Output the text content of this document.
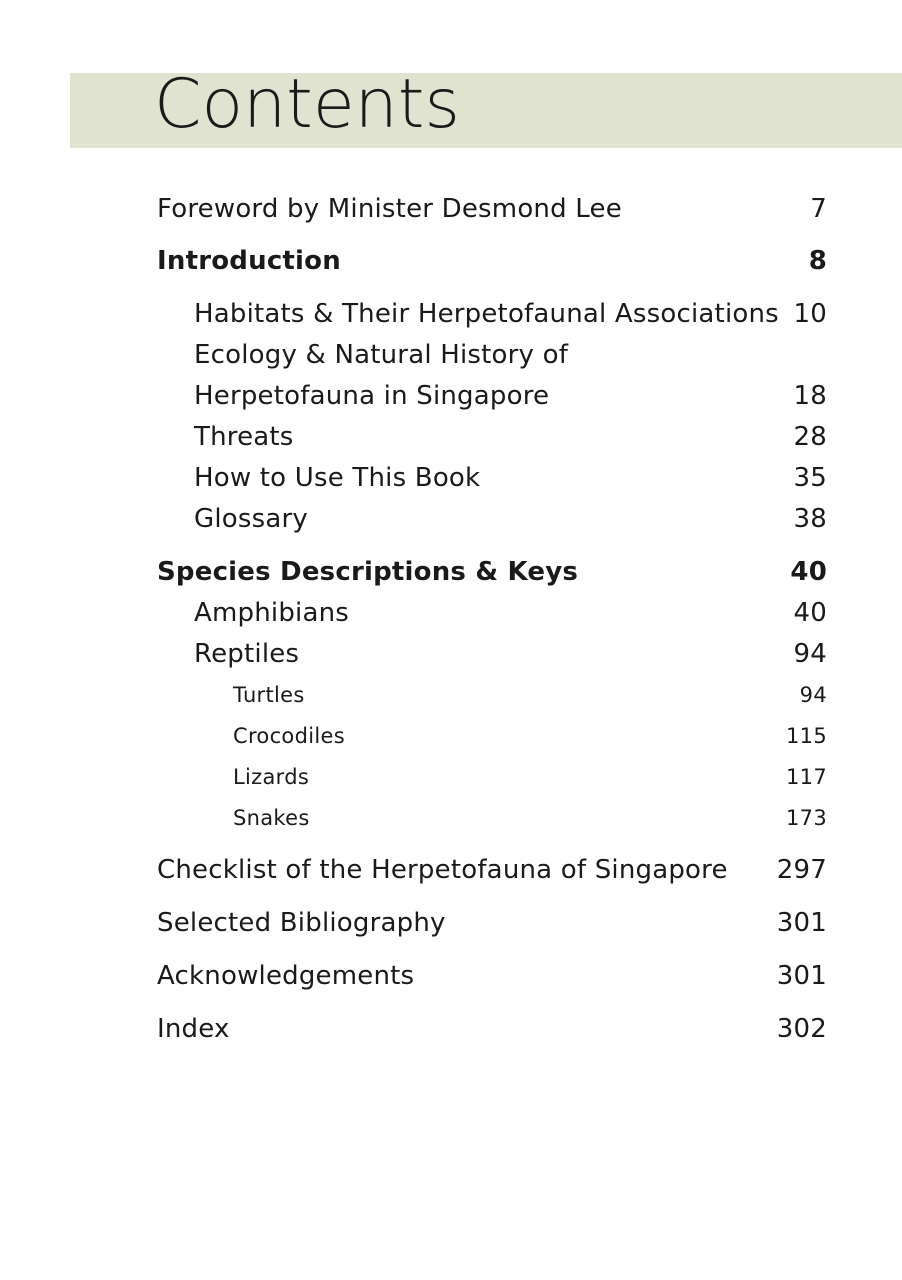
Contents
Foreword by Minister Desmond Lee	7
Introduction	8
Habitats & Their Herpetofaunal Associations 10
Ecology & Natural History of
Herpetofauna in Singapore	18
Threats	28
How to Use This Book	35
Glossary	38
Species Descriptions & Keys	40
Amphibians	40
Reptiles	94
Turtles	94
Crocodiles	115
Lizards	117
Snakes	173
Checklist of the Herpetofauna of Singapore 297
Selected Bibliography	301
Acknowledgements	301
Index	302
